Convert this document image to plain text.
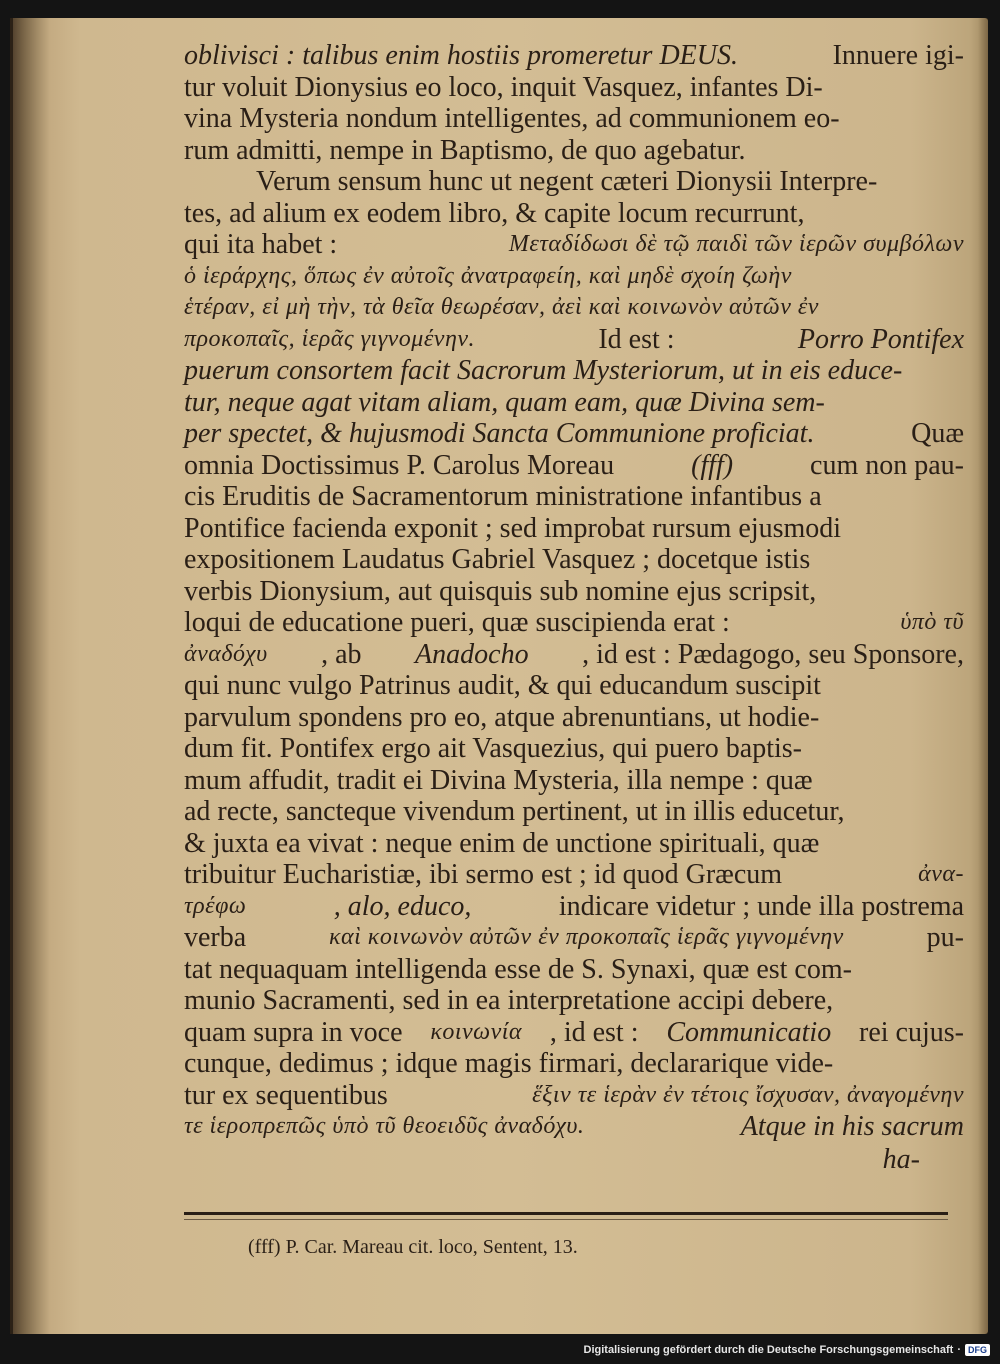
oblivisci : talibus enim hostiis promeretur DEUS.	Innuere igi-
tur voluit Dionysius eo loco, inquit Vasquez, infantes Di-
vina Mysteria nondum intelligentes, ad communionem eo-
rum admitti, nempe in Baptismo, de quo agebatur.
Verum sensum hunc ut negent cæteri Dionysii Interpre-
tes, ad alium ex eodem libro, & capite locum recurrunt,
qui ita habet :	Μεταδίδωσι δὲ τῷ παιδὶ τῶν ἱερῶν συμβόλων
ὁ ἱεράρχης, ὅπως ἐν αὐτοῖς ἀνατραφείη, καὶ μηδὲ σχοίη ζωὴν
ἑτέραν, εἰ μὴ τὴν, τὰ θεῖα θεωρέσαν, ἀεὶ καὶ κοινωνὸν αὐτῶν ἐν
προκοπαῖς, ἱερᾶς γιγνομένην.	Id est :	Porro Pontifex
puerum consortem facit Sacrorum Mysteriorum, ut in eis educe-
tur, neque agat vitam aliam, quam eam, quæ Divina sem-
per spectet, & hujusmodi Sancta Communione proficiat.	Quæ
omnia Doctissimus P. Carolus Moreau	(fff)	cum non pau-
cis Eruditis de Sacramentorum ministratione infantibus a
Pontifice facienda exponit ; sed improbat rursum ejusmodi
expositionem Laudatus Gabriel Vasquez ; docetque istis
verbis Dionysium, aut quisquis sub nomine ejus scripsit,
loqui de educatione pueri, quæ suscipienda erat :	ὑπὸ τῦ
ἀναδόχυ , ab Anadocho , id est : Pædagogo, seu Sponsore,
qui nunc vulgo Patrinus audit, & qui educandum suscipit
parvulum spondens pro eo, atque abrenuntians, ut hodie-
dum fit. Pontifex ergo ait Vasquezius, qui puero baptis-
mum affudit, tradit ei Divina Mysteria, illa nempe : quæ
ad recte, sancteque vivendum pertinent, ut in illis educetur,
& juxta ea vivat : neque enim de unctione spirituali, quæ
tribuitur Eucharistiæ, ibi sermo est ; id quod Græcum	ἀνα-
τρέφω	, alo, educo,	indicare videtur ; unde illa postrema
verba	καὶ κοινωνὸν αὐτῶν ἐν προκοπαῖς ἱερᾶς γιγνομένην	pu-
tat nequaquam intelligenda esse de S. Synaxi, quæ est com-
munio Sacramenti, sed in ea interpretatione accipi debere,
quam supra in voce κοινωνία , id est : Communicatio rei cujus-
cunque, dedimus ; idque magis firmari, declararique vide-
tur ex sequentibus	ἕξιν τε ἱερὰν ἐν τέτοις ἴσχυσαν, ἀναγομένην
τε ἱεροπρεπῶς ὑπὸ τῦ θεοειδῦς ἀναδόχυ.	Atque in his sacrum
ha-
(fff) P. Car. Mareau cit. loco, Sentent, 13.
Digitalisierung gefördert durch die Deutsche Forschungsgemeinschaft · DFG
